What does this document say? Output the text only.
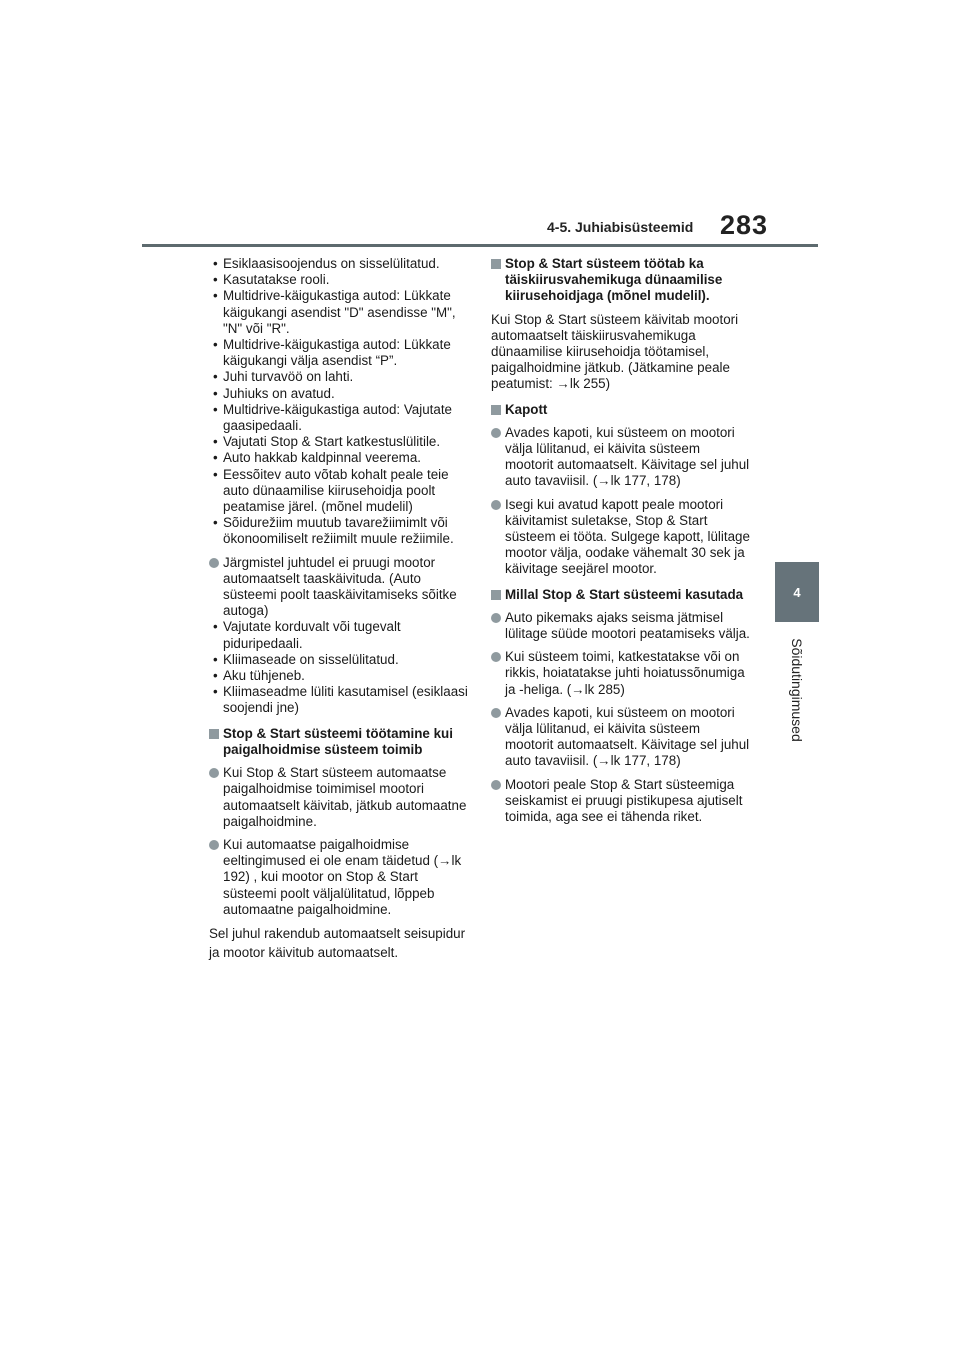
4-5. Juhiabisüsteemid 283
4
Sõidutingimused
• Esiklaasisoojendus on sisselülitatud.
• Kasutatakse rooli.
• Multidrive-käigukastiga autod: Lükkate käigukangi asendist "D" asendisse "M", "N" või "R".
• Multidrive-käigukastiga autod: Lükkate käigukangi välja asendist “P”.
• Juhi turvavöö on lahti.
• Juhiuks on avatud.
• Multidrive-käigukastiga autod: Vajutate gaasipedaali.
• Vajutati Stop & Start katkestuslülitile.
• Auto hakkab kaldpinnal veerema.
• Eessõitev auto võtab kohalt peale teie auto dünaamilise kiirusehoidja poolt peatamise järel. (mõnel mudelil)
• Sõidurežiim muutub tavarežiimimlt või ökonoomiliselt režiimilt muule režiimile.
Järgmistel juhtudel ei pruugi mootor automaatselt taaskäivituda. (Auto süsteemi poolt taaskäivitamiseks sõitke autoga)
• Vajutate korduvalt või tugevalt piduripedaali.
• Kliimaseade on sisselülitatud.
• Aku tühjeneb.
• Kliimaseadme lüliti kasutamisel (esiklaasi soojendi jne)
Stop & Start süsteemi töötamine kui paigalhoidmise süsteem toimib
Kui Stop & Start süsteem automaatse paigalhoidmise toimimisel mootori automaatselt käivitab, jätkub automaatne paigalhoidmine.
Kui automaatse paigalhoidmise eeltingimused ei ole enam täidetud (→lk 192) , kui mootor on Stop & Start süsteemi poolt väljalülitatud, lõppeb automaatne paigalhoidmine.
Sel juhul rakendub automaatselt seisupidur ja mootor käivitub automaatselt.
Stop & Start süsteem töötab ka täiskiirusvahemikuga dünaamilise kiirusehoidjaga (mõnel mudelil).
Kui Stop & Start süsteem käivitab mootori automaatselt täiskiirusvahemikuga dünaamilise kiirusehoidja töötamisel, paigalhoidmine jätkub. (Jätkamine peale peatumist: →lk 255)
Kapott
Avades kapoti, kui süsteem on mootori välja lülitanud, ei käivita süsteem mootorit automaatselt. Käivitage sel juhul auto tavaviisil. (→lk 177, 178)
Isegi kui avatud kapott peale mootori käivitamist suletakse, Stop & Start süsteem ei tööta. Sulgege kapott, lülitage mootor välja, oodake vähemalt 30 sek ja käivitage seejärel mootor.
Millal Stop & Start süsteemi kasutada
Auto pikemaks ajaks seisma jätmisel lülitage süüde mootori peatamiseks välja.
Kui süsteem toimi, katkestatakse või on rikkis, hoiatatakse juhti hoiatussõnumiga ja -heliga. (→lk 285)
Avades kapoti, kui süsteem on mootori välja lülitanud, ei käivita süsteem mootorit automaatselt. Käivitage sel juhul auto tavaviisil. (→lk 177, 178)
Mootori peale Stop & Start süsteemiga seiskamist ei pruugi pistikupesa ajutiselt toimida, aga see ei tähenda riket.
